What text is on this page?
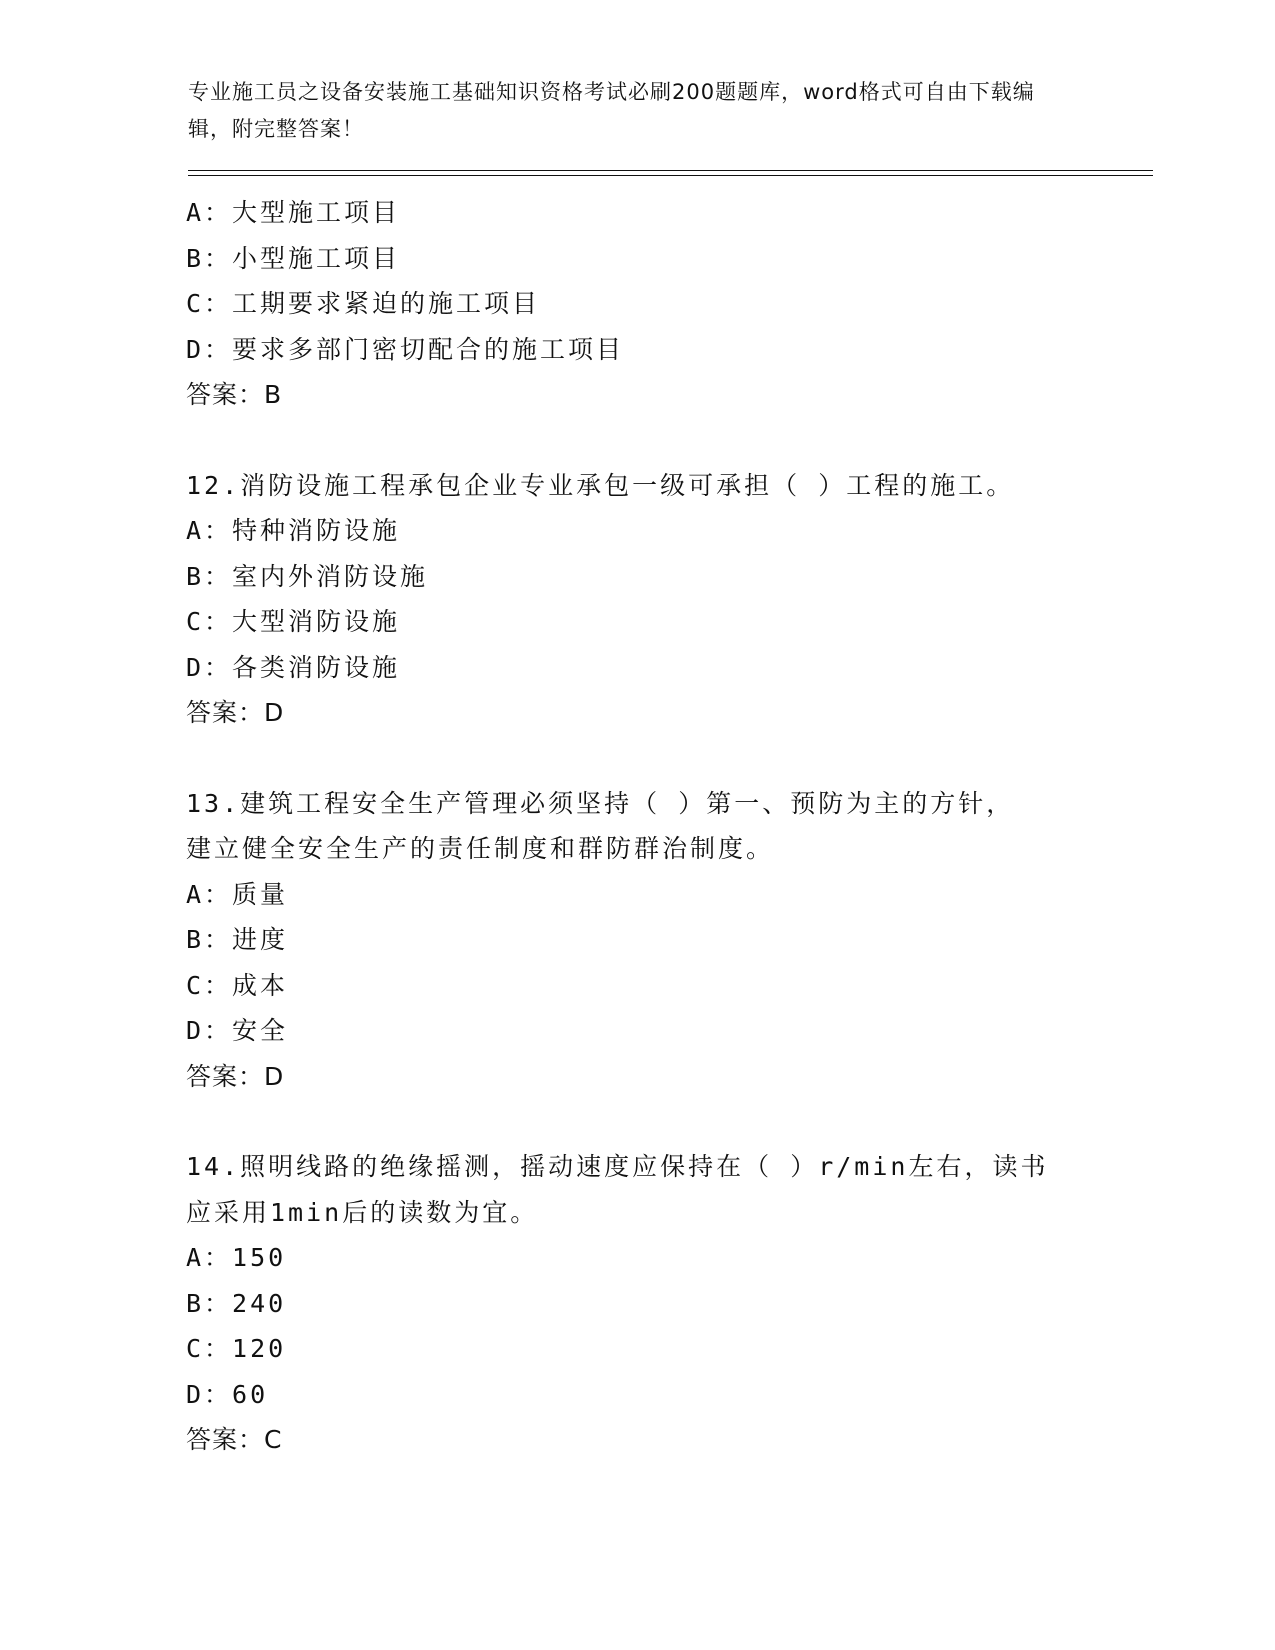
专业施工员之设备安装施工基础知识资格考试必刷200题题库，word格式可自由下载编辑，附完整答案！
A：大型施工项目
B：小型施工项目
C：工期要求紧迫的施工项目
D：要求多部门密切配合的施工项目
答案：B
12.消防设施工程承包企业专业承包一级可承担（ ）工程的施工。
A：特种消防设施
B：室内外消防设施
C：大型消防设施
D：各类消防设施
答案：D
13.建筑工程安全生产管理必须坚持（ ）第一、预防为主的方针，建立健全安全生产的责任制度和群防群治制度。
A：质量
B：进度
C：成本
D：安全
答案：D
14.照明线路的绝缘摇测，摇动速度应保持在（ ）r/min左右，读书应采用1min后的读数为宜。
A：150
B：240
C：120
D：60
答案：C
